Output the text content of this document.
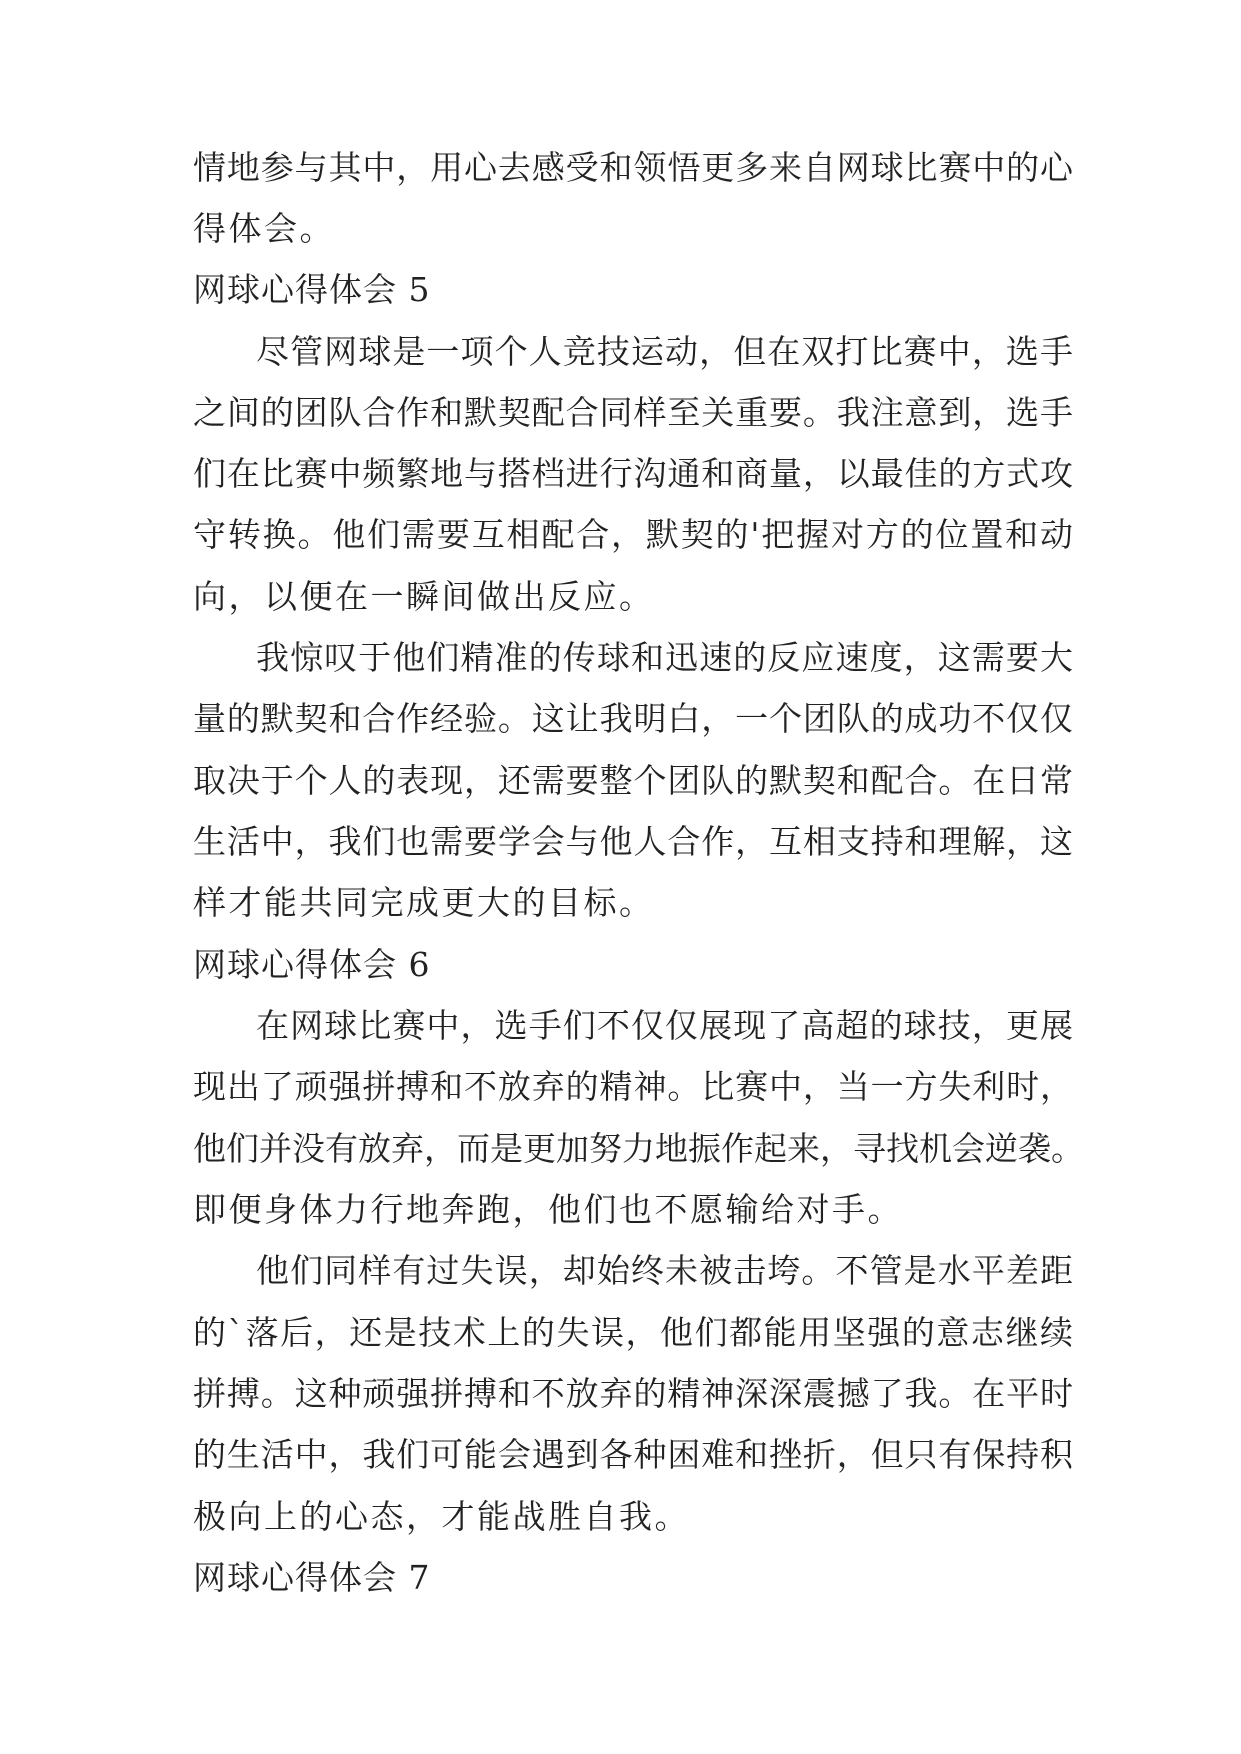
情地参与其中，用心去感受和领悟更多来自网球比赛中的心
得体会。
网球心得体会 5
尽管网球是一项个人竞技运动，但在双打比赛中，选手
之间的团队合作和默契配合同样至关重要。我注意到，选手
们在比赛中频繁地与搭档进行沟通和商量，以最佳的方式攻
守转换。他们需要互相配合，默契的'把握对方的位置和动
向，以便在一瞬间做出反应。
我惊叹于他们精准的传球和迅速的反应速度，这需要大
量的默契和合作经验。这让我明白，一个团队的成功不仅仅
取决于个人的表现，还需要整个团队的默契和配合。在日常
生活中，我们也需要学会与他人合作，互相支持和理解，这
样才能共同完成更大的目标。
网球心得体会 6
在网球比赛中，选手们不仅仅展现了高超的球技，更展
现出了顽强拼搏和不放弃的精神。比赛中，当一方失利时，
他们并没有放弃，而是更加努力地振作起来，寻找机会逆袭。
即便身体力行地奔跑，他们也不愿输给对手。
他们同样有过失误，却始终未被击垮。不管是水平差距
的`落后，还是技术上的失误，他们都能用坚强的意志继续
拼搏。这种顽强拼搏和不放弃的精神深深震撼了我。在平时
的生活中，我们可能会遇到各种困难和挫折，但只有保持积
极向上的心态，才能战胜自我。
网球心得体会 7
